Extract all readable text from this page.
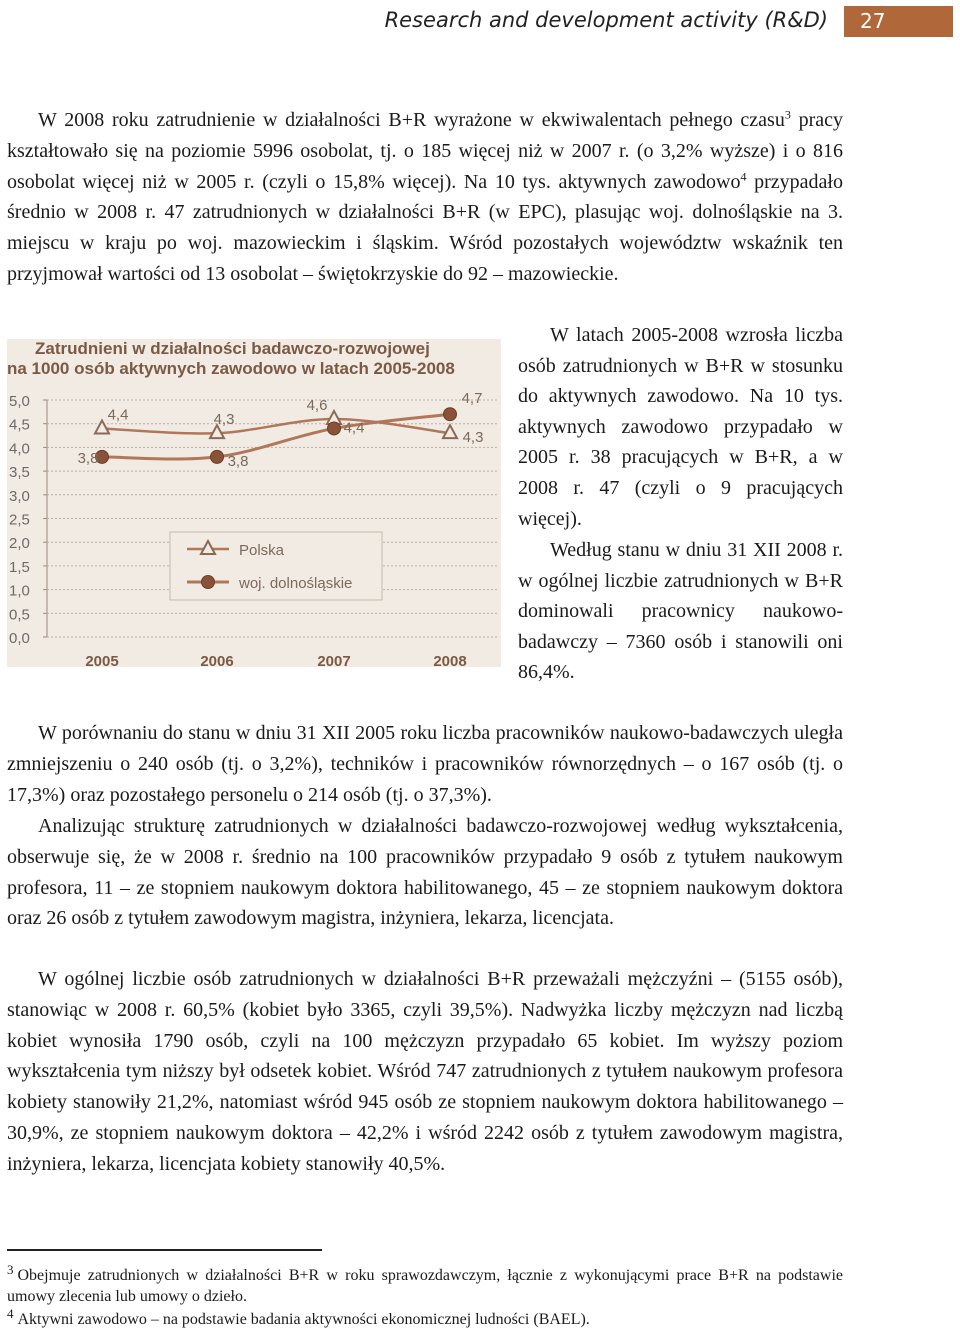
Research and development activity (R&D)	27

W 2008 roku zatrudnienie w działalności B+R wyrażone w ekwiwalentach pełnego czasu$^3$ pracy kształtowało się na poziomie 5996 osobolat, tj. o 185 więcej niż w 2007 r. (o 3,2% wyższe) i o 816 osobolat więcej niż w 2005 r. (czyli o 15,8% więcej). Na 10 tys. aktywnych zawodowo$^4$ przypadało średnio w 2008 r. 47 zatrudnionych w działalności B+R (w EPC), plasując woj. dolnośląskie na 3. miejscu w kraju po woj. mazowieckim i śląskim. Wśród pozostałych województw wskaźnik ten przyjmował wartości od 13 osobolat – świętokrzyskie do 92 – mazowieckie.

Zatrudnieni w działalności badawczo-rozwojowej
na 1000 osób aktywnych zawodowo w latach 2005-2008
0,0
0,5
1,0
1,5
2,0
2,5
3,0
3,5
4,0
4,5
5,0
2005	2006	2007	2008
4,4	4,3
4,6
4,3
3,8	3,8
4,4
4,7
Polska
woj. dolnośląskie

W latach 2005-2008 wzrosła liczba osób zatrudnionych w B+R w stosunku do aktywnych zawodowo. Na 10 tys. aktywnych zawodowo przypadało w 2005 r. 38 pracujących w B+R, a w 2008 r. 47 (czyli o 9 pracujących więcej).

Według stanu w dniu 31 XII 2008 r. w ogólnej liczbie zatrudnionych w B+R dominowali pracownicy naukowo-badawczy – 7360 osób i stanowili oni 86,4%.

W porównaniu do stanu w dniu 31 XII 2005 roku liczba pracowników naukowo-badawczych uległa zmniejszeniu o 240 osób (tj. o 3,2%), techników i pracowników równorzędnych – o 167 osób (tj. o 17,3%) oraz pozostałego personelu o 214 osób (tj. o 37,3%).

Analizując strukturę zatrudnionych w działalności badawczo-rozwojowej według wykształcenia, obserwuje się, że w 2008 r. średnio na 100 pracowników przypadało 9 osób z tytułem naukowym profesora, 11 – ze stopniem naukowym doktora habilitowanego, 45 – ze stopniem naukowym doktora oraz 26 osób z tytułem zawodowym magistra, inżyniera, lekarza, licencjata.

W ogólnej liczbie osób zatrudnionych w działalności B+R przeważali mężczyźni – (5155 osób), stanowiąc w 2008 r. 60,5% (kobiet było 3365, czyli 39,5%). Nadwyżka liczby mężczyzn nad liczbą kobiet wynosiła 1790 osób, czyli na 100 mężczyzn przypadało 65 kobiet. Im wyższy poziom wykształcenia tym niższy był odsetek kobiet. Wśród 747 zatrudnionych z tytułem naukowym profesora kobiety stanowiły 21,2%, natomiast wśród 945 osób ze stopniem naukowym doktora habilitowanego – 30,9%, ze stopniem naukowym doktora – 42,2% i wśród 2242 osób z tytułem zawodowym magistra, inżyniera, lekarza, licencjata kobiety stanowiły 40,5%.

$^3$ Obejmuje zatrudnionych w działalności B+R w roku sprawozdawczym, łącznie z wykonującymi prace B+R na podstawie umowy zlecenia lub umowy o dzieło.

$^4$ Aktywni zawodowo – na podstawie badania aktywności ekonomicznej ludności (BAEL).
